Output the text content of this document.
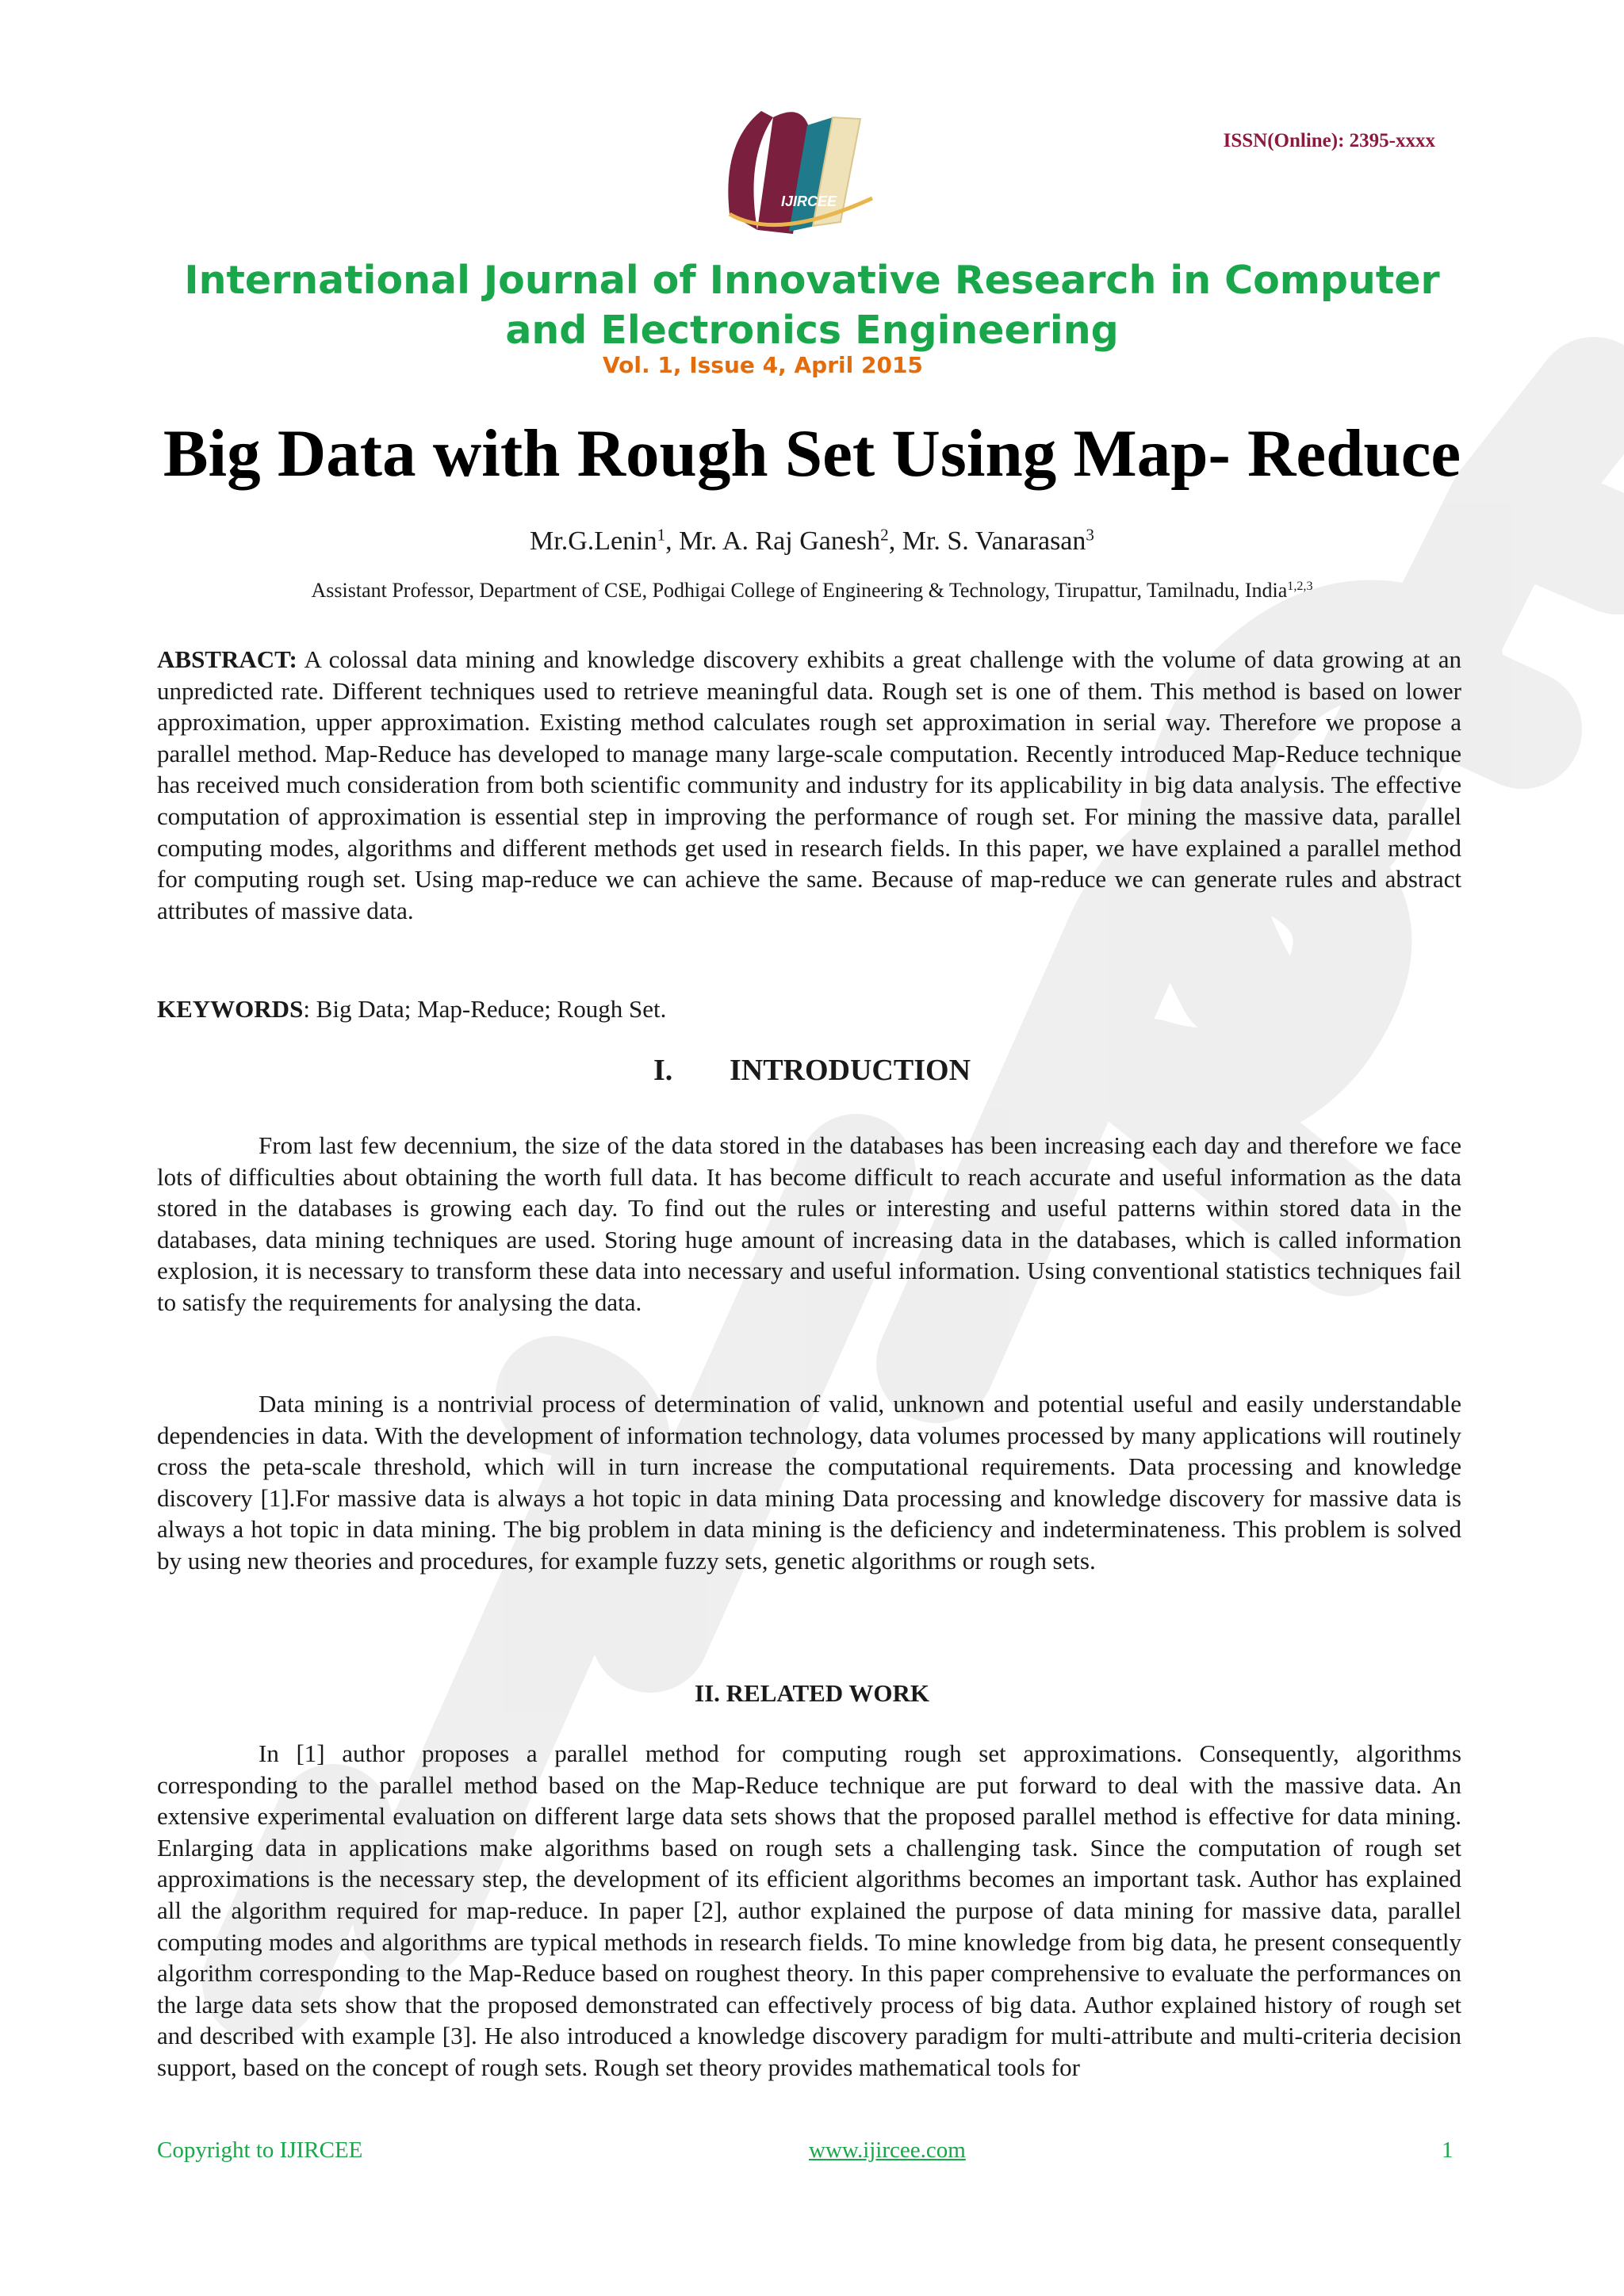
ISSN(Online): 2395-xxxx
IJIRCEE
International Journal of Innovative Research in Computer
and Electronics Engineering
Vol. 1, Issue 4, April 2015
Big Data with Rough Set Using Map- Reduce
Mr.G.Lenin$^1$, Mr. A. Raj Ganesh$^2$, Mr. S. Vanarasan$^3$
Assistant Professor, Department of CSE, Podhigai College of Engineering & Technology, Tirupattur, Tamilnadu, India$^{1,2,3}$

ABSTRACT: A colossal data mining and knowledge discovery exhibits a great challenge with the volume of data growing at an unpredicted rate. Different techniques used to retrieve meaningful data. Rough set is one of them. This method is based on lower approximation, upper approximation. Existing method calculates rough set approximation in serial way. Therefore we propose a parallel method. Map-Reduce has developed to manage many large-scale computation. Recently introduced Map-Reduce technique has received much consideration from both scientific community and industry for its applicability in big data analysis. The effective computation of approximation is essential step in improving the performance of rough set. For mining the massive data, parallel computing modes, algorithms and different methods get used in research fields. In this paper, we have explained a parallel method for computing rough set. Using map-reduce we can achieve the same. Because of map-reduce we can generate rules and abstract attributes of massive data.

KEYWORDS: Big Data; Map-Reduce; Rough Set.

I. INTRODUCTION

From last few decennium, the size of the data stored in the databases has been increasing each day and therefore we face lots of difficulties about obtaining the worth full data. It has become difficult to reach accurate and useful information as the data stored in the databases is growing each day. To find out the rules or interesting and useful patterns within stored data in the databases, data mining techniques are used. Storing huge amount of increasing data in the databases, which is called information explosion, it is necessary to transform these data into necessary and useful information. Using conventional statistics techniques fail to satisfy the requirements for analysing the data.

Data mining is a nontrivial process of determination of valid, unknown and potential useful and easily understandable dependencies in data. With the development of information technology, data volumes processed by many applications will routinely cross the peta-scale threshold, which will in turn increase the computational requirements. Data processing and knowledge discovery [1].For massive data is always a hot topic in data mining Data processing and knowledge discovery for massive data is always a hot topic in data mining. The big problem in data mining is the deficiency and indeterminateness. This problem is solved by using new theories and procedures, for example fuzzy sets, genetic algorithms or rough sets.

II. RELATED WORK

In [1] author proposes a parallel method for computing rough set approximations. Consequently, algorithms corresponding to the parallel method based on the Map-Reduce technique are put forward to deal with the massive data. An extensive experimental evaluation on different large data sets shows that the proposed parallel method is effective for data mining. Enlarging data in applications make algorithms based on rough sets a challenging task. Since the computation of rough set approximations is the necessary step, the development of its efficient algorithms becomes an important task. Author has explained all the algorithm required for map-reduce. In paper [2], author explained the purpose of data mining for massive data, parallel computing modes and algorithms are typical methods in research fields. To mine knowledge from big data, he present consequently algorithm corresponding to the Map-Reduce based on roughest theory. In this paper comprehensive to evaluate the performances on the large data sets show that the proposed demonstrated can effectively process of big data. Author explained history of rough set and described with example [3]. He also introduced a knowledge discovery paradigm for multi-attribute and multi-criteria decision support, based on the concept of rough sets. Rough set theory provides mathematical tools for

Copyright to IJIRCEE	www.ijircee.com	1
